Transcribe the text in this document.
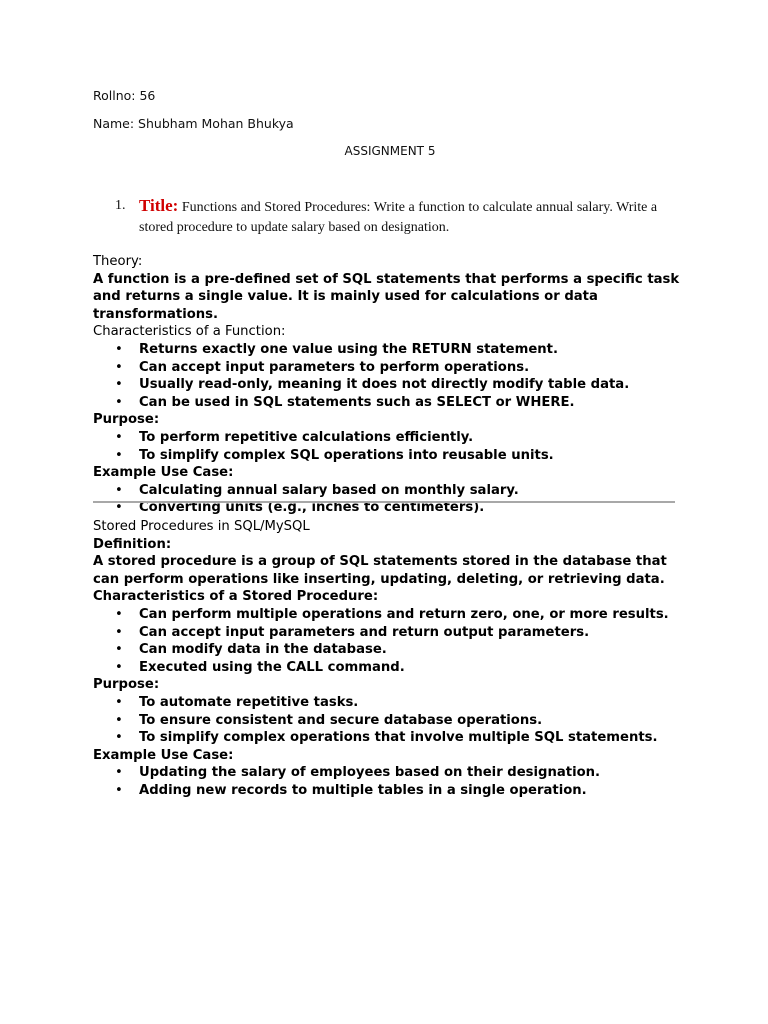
Rollno: 56
Name: Shubham Mohan Bhukya
ASSIGNMENT 5
1. Title: Functions and Stored Procedures: Write a function to calculate annual salary. Write a stored procedure to update salary based on designation.
Theory:
A function is a pre-defined set of SQL statements that performs a specific task and returns a single value. It is mainly used for calculations or data transformations.
Characteristics of a Function:
• Returns exactly one value using the RETURN statement.
• Can accept input parameters to perform operations.
• Usually read-only, meaning it does not directly modify table data.
• Can be used in SQL statements such as SELECT or WHERE.
Purpose:
• To perform repetitive calculations efficiently.
• To simplify complex SQL operations into reusable units.
Example Use Case:
• Calculating annual salary based on monthly salary.
• Converting units (e.g., inches to centimeters).
Stored Procedures in SQL/MySQL
Definition:
A stored procedure is a group of SQL statements stored in the database that can perform operations like inserting, updating, deleting, or retrieving data.
Characteristics of a Stored Procedure:
• Can perform multiple operations and return zero, one, or more results.
• Can accept input parameters and return output parameters.
• Can modify data in the database.
• Executed using the CALL command.
Purpose:
• To automate repetitive tasks.
• To ensure consistent and secure database operations.
• To simplify complex operations that involve multiple SQL statements.
Example Use Case:
• Updating the salary of employees based on their designation.
• Adding new records to multiple tables in a single operation.
